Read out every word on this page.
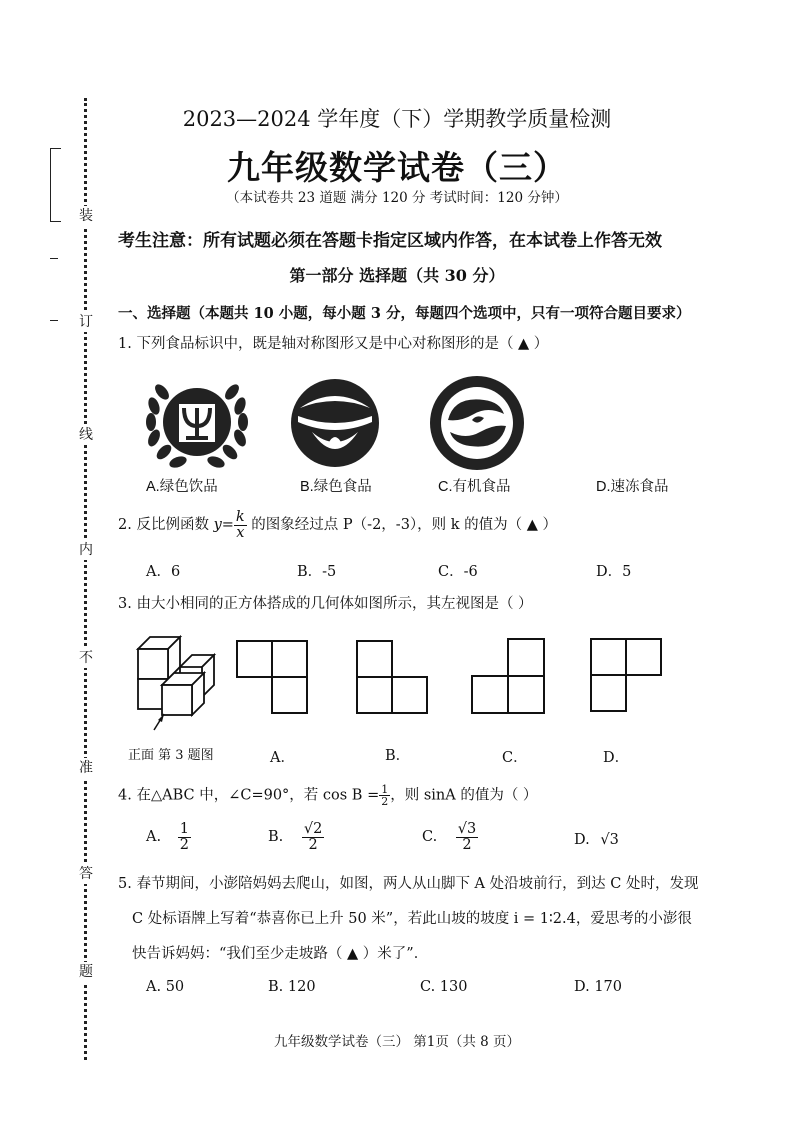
装
订
线
内
不
准
答
题
2023—2024 学年度（下）学期教学质量检测
九年级数学试卷（三）
（本试卷共 23 道题 满分 120 分 考试时间：120 分钟）
考生注意：所有试题必须在答题卡指定区域内作答，在本试卷上作答无效
第一部分 选择题（共 30 分）
一、选择题（本题共 10 小题，每小题 3 分，每题四个选项中，只有一项符合题目要求）
1. 下列食品标识中，既是轴对称图形又是中心对称图形的是（ ▲ ）
A.绿色饮品	B.绿色食品	C.有机食品	D.速冻食品
2. 反比例函数 $y= \frac{k}{x}$ 的图象经过点 P（-2，-3），则 k 的值为（ ▲ ）
A．6	B．-5	C．-6	D．5
3. 由大小相同的正方体搭成的几何体如图所示，其左视图是（ ）
正面 第 3 题图	A．	B．	C．	D．
4. 在△ABC 中，∠C=90°，若 $\cos B = \frac{1}{2}$ ，则 sinA 的值为（ ）
A. $\frac{1}{2}$	B. $\frac{√2}{2}$	C. $\frac{√3}{2}$	D. √3
5. 春节期间，小澎陪妈妈去爬山，如图，两人从山脚下 A 处沿坡前行，到达 C 处时，发现
C 处标语牌上写着“恭喜你已上升 50 米”，若此山坡的坡度 i = 1∶2.4，爱思考的小澎很
快告诉妈妈：“我们至少走坡路（ ▲ ）米了”．
A. 50	B. 120	C. 130	D. 170
九年级数学试卷（三） 第1页（共 8 页）
